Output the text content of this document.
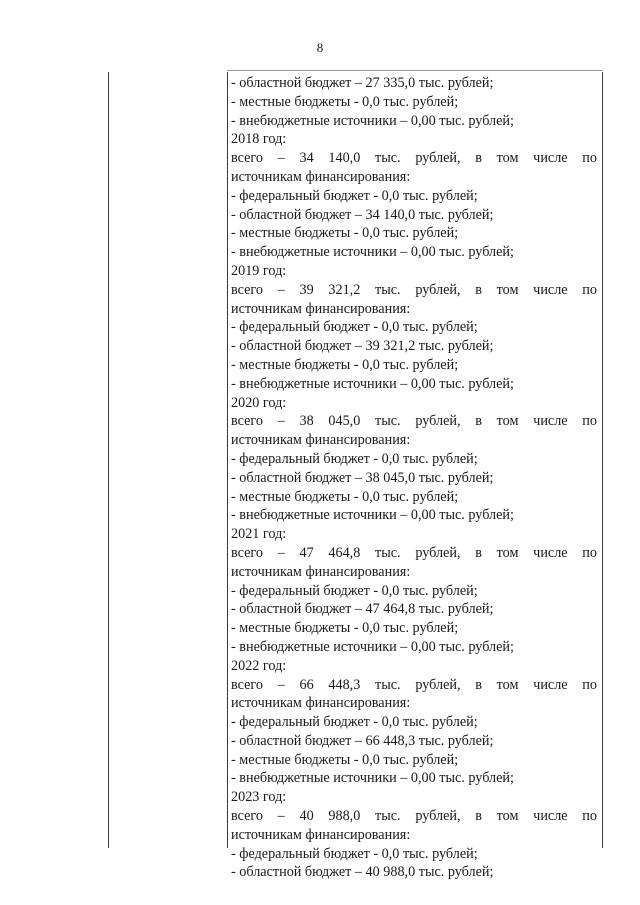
8
- областной бюджет – 27 335,0 тыс. рублей;
- местные бюджеты - 0,0 тыс. рублей;
- внебюджетные источники – 0,00 тыс. рублей;
2018 год:
всего – 34 140,0 тыс. рублей, в том числе по
источникам финансирования:
- федеральный бюджет - 0,0 тыс. рублей;
- областной бюджет – 34 140,0 тыс. рублей;
- местные бюджеты - 0,0 тыс. рублей;
- внебюджетные источники – 0,00 тыс. рублей;
2019 год:
всего – 39 321,2 тыс. рублей, в том числе по
источникам финансирования:
- федеральный бюджет - 0,0 тыс. рублей;
- областной бюджет – 39 321,2 тыс. рублей;
- местные бюджеты - 0,0 тыс. рублей;
- внебюджетные источники – 0,00 тыс. рублей;
2020 год:
всего – 38 045,0 тыс. рублей, в том числе по
источникам финансирования:
- федеральный бюджет - 0,0 тыс. рублей;
- областной бюджет – 38 045,0 тыс. рублей;
- местные бюджеты - 0,0 тыс. рублей;
- внебюджетные источники – 0,00 тыс. рублей;
2021 год:
всего – 47 464,8 тыс. рублей, в том числе по
источникам финансирования:
- федеральный бюджет - 0,0 тыс. рублей;
- областной бюджет – 47 464,8 тыс. рублей;
- местные бюджеты - 0,0 тыс. рублей;
- внебюджетные источники – 0,00 тыс. рублей;
2022 год:
всего – 66 448,3 тыс. рублей, в том числе по
источникам финансирования:
- федеральный бюджет - 0,0 тыс. рублей;
- областной бюджет – 66 448,3 тыс. рублей;
- местные бюджеты - 0,0 тыс. рублей;
- внебюджетные источники – 0,00 тыс. рублей;
2023 год:
всего – 40 988,0 тыс. рублей, в том числе по
источникам финансирования:
- федеральный бюджет - 0,0 тыс. рублей;
- областной бюджет – 40 988,0 тыс. рублей;
